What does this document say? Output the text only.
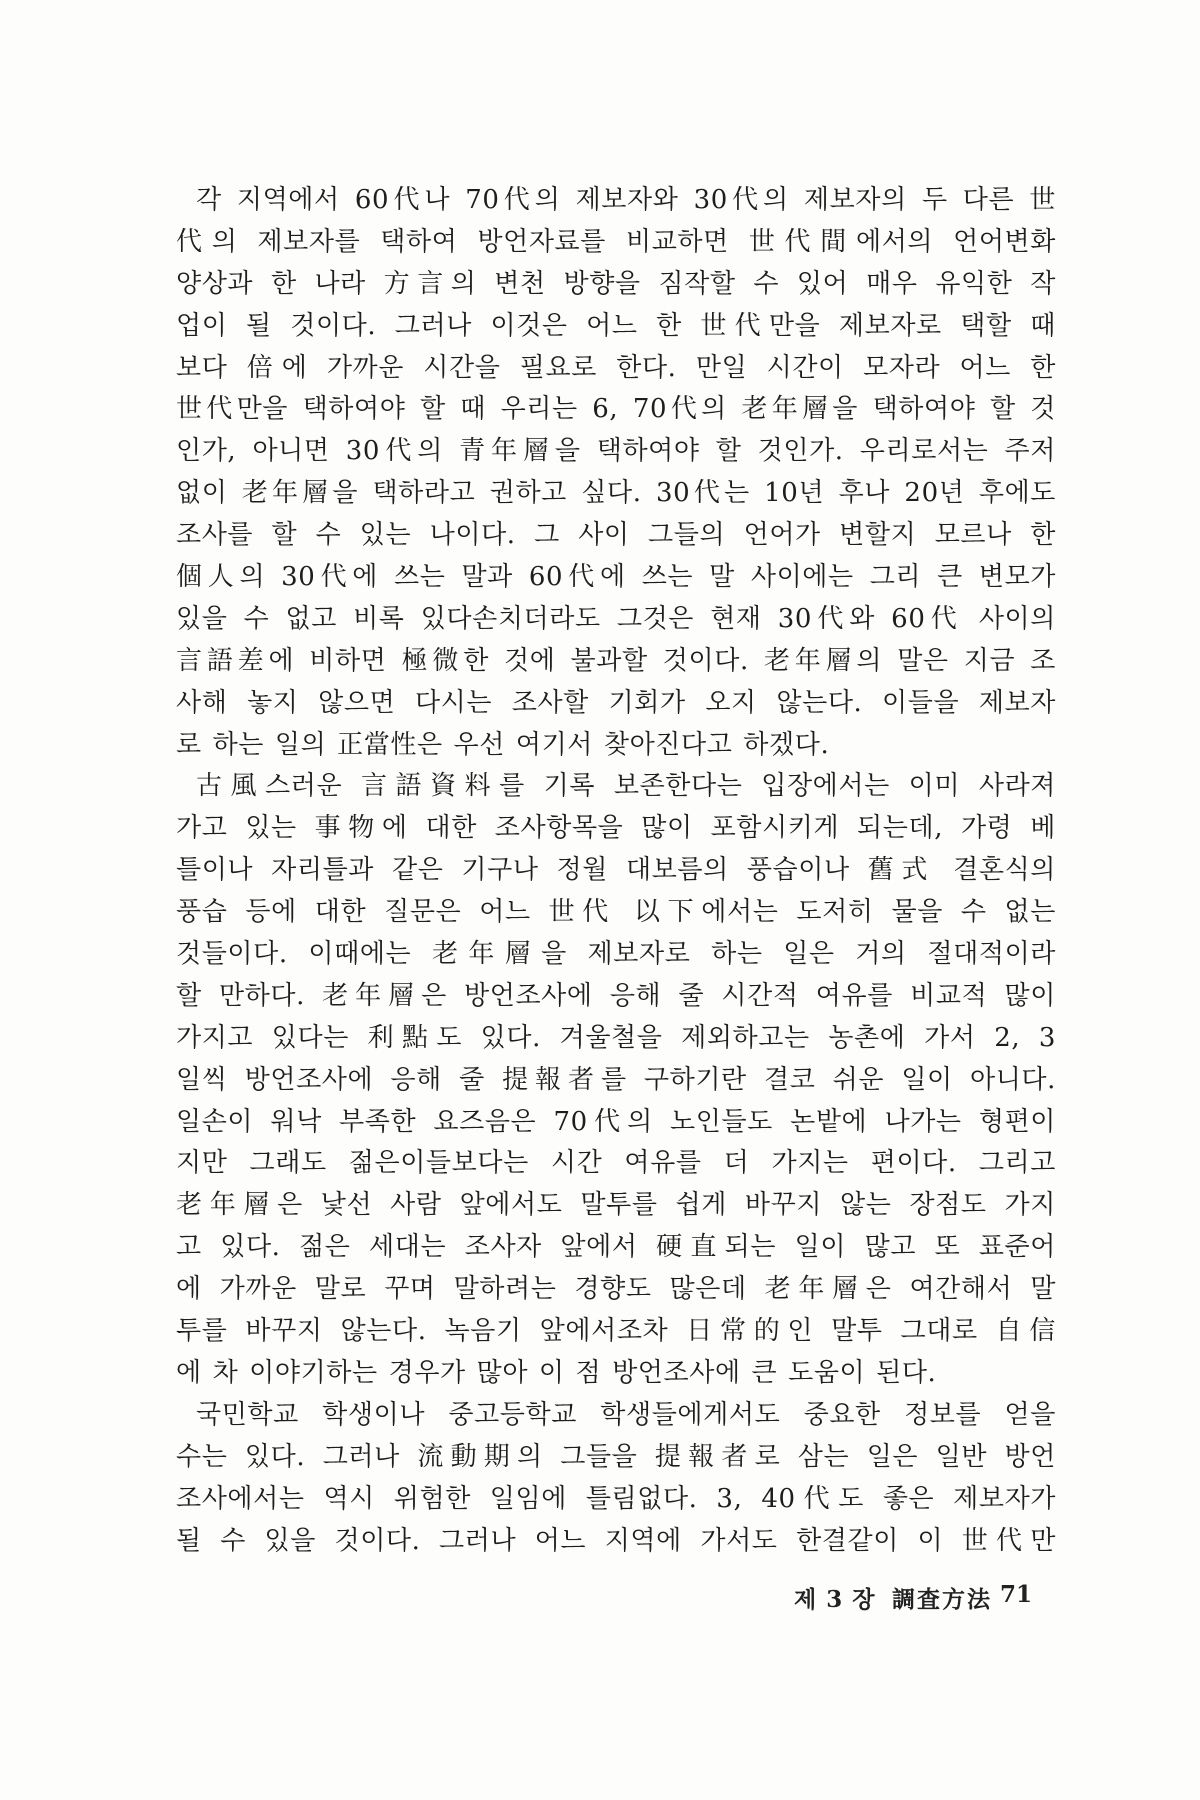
각 지역에서 60代나 70代의 제보자와 30代의 제보자의 두 다른 世
代의 제보자를 택하여 방언자료를 비교하면 世代間에서의 언어변화
양상과 한 나라 方言의 변천 방향을 짐작할 수 있어 매우 유익한 작
업이 될 것이다. 그러나 이것은 어느 한 世代만을 제보자로 택할 때
보다 倍에 가까운 시간을 필요로 한다. 만일 시간이 모자라 어느 한
世代만을 택하여야 할 때 우리는 6, 70代의 老年層을 택하여야 할 것
인가, 아니면 30代의 青年層을 택하여야 할 것인가. 우리로서는 주저
없이 老年層을 택하라고 권하고 싶다. 30代는 10년 후나 20년 후에도
조사를 할 수 있는 나이다. 그 사이 그들의 언어가 변할지 모르나 한
個人의 30代에 쓰는 말과 60代에 쓰는 말 사이에는 그리 큰 변모가
있을 수 없고 비록 있다손치더라도 그것은 현재 30代와 60代 사이의
言語差에 비하면 極微한 것에 불과할 것이다. 老年層의 말은 지금 조
사해 놓지 않으면 다시는 조사할 기회가 오지 않는다. 이들을 제보자
로 하는 일의 正當性은 우선 여기서 찾아진다고 하겠다.
古風스러운 言語資料를 기록 보존한다는 입장에서는 이미 사라져
가고 있는 事物에 대한 조사항목을 많이 포함시키게 되는데, 가령 베
틀이나 자리틀과 같은 기구나 정월 대보름의 풍습이나 舊式 결혼식의
풍습 등에 대한 질문은 어느 世代 以下에서는 도저히 물을 수 없는
것들이다. 이때에는 老年層을 제보자로 하는 일은 거의 절대적이라
할 만하다. 老年層은 방언조사에 응해 줄 시간적 여유를 비교적 많이
가지고 있다는 利點도 있다. 겨울철을 제외하고는 농촌에 가서 2, 3
일씩 방언조사에 응해 줄 提報者를 구하기란 결코 쉬운 일이 아니다.
일손이 워낙 부족한 요즈음은 70代의 노인들도 논밭에 나가는 형편이
지만 그래도 젊은이들보다는 시간 여유를 더 가지는 편이다. 그리고
老年層은 낯선 사람 앞에서도 말투를 쉽게 바꾸지 않는 장점도 가지
고 있다. 젊은 세대는 조사자 앞에서 硬直되는 일이 많고 또 표준어
에 가까운 말로 꾸며 말하려는 경향도 많은데 老年層은 여간해서 말
투를 바꾸지 않는다. 녹음기 앞에서조차 日常的인 말투 그대로 自信
에 차 이야기하는 경우가 많아 이 점 방언조사에 큰 도움이 된다.
국민학교 학생이나 중고등학교 학생들에게서도 중요한 정보를 얻을
수는 있다. 그러나 流動期의 그들을 提報者로 삼는 일은 일반 방언
조사에서는 역시 위험한 일임에 틀림없다. 3, 40代도 좋은 제보자가
될 수 있을 것이다. 그러나 어느 지역에 가서도 한결같이 이 世代만
제 3 장 調査方法 71
